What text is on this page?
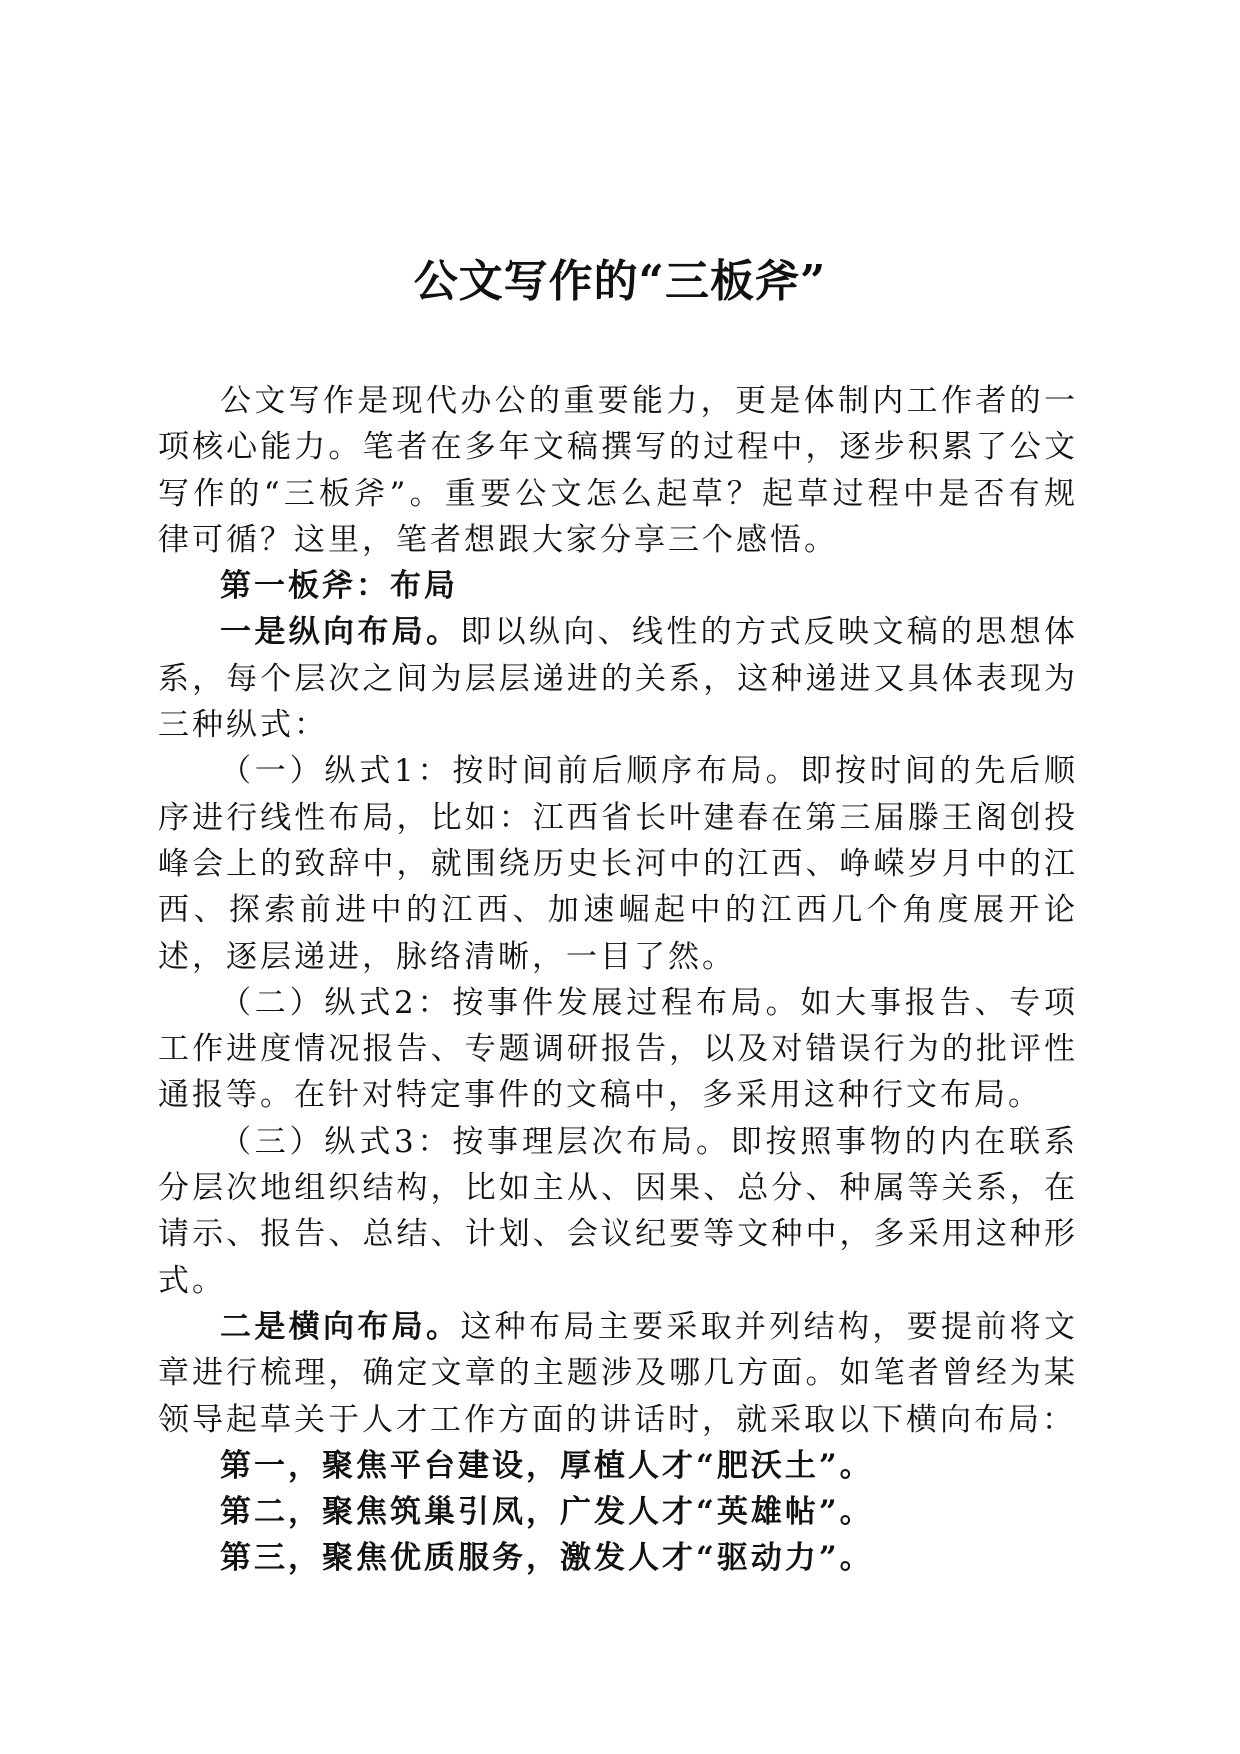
公文写作的“三板斧”

公文写作是现代办公的重要能力，更是体制内工作者的一项核心能力。笔者在多年文稿撰写的过程中，逐步积累了公文写作的“三板斧”。重要公文怎么起草？起草过程中是否有规律可循？这里，笔者想跟大家分享三个感悟。

第一板斧：布局

一是纵向布局。即以纵向、线性的方式反映文稿的思想体系，每个层次之间为层层递进的关系，这种递进又具体表现为三种纵式：

（一）纵式1：按时间前后顺序布局。即按时间的先后顺序进行线性布局，比如：江西省长叶建春在第三届滕王阁创投峰会上的致辞中，就围绕历史长河中的江西、峥嵘岁月中的江西、探索前进中的江西、加速崛起中的江西几个角度展开论述，逐层递进，脉络清晰，一目了然。

（二）纵式2：按事件发展过程布局。如大事报告、专项工作进度情况报告、专题调研报告，以及对错误行为的批评性通报等。在针对特定事件的文稿中，多采用这种行文布局。

（三）纵式3：按事理层次布局。即按照事物的内在联系分层次地组织结构，比如主从、因果、总分、种属等关系，在请示、报告、总结、计划、会议纪要等文种中，多采用这种形式。

二是横向布局。这种布局主要采取并列结构，要提前将文章进行梳理，确定文章的主题涉及哪几方面。如笔者曾经为某领导起草关于人才工作方面的讲话时，就采取以下横向布局：

第一，聚焦平台建设，厚植人才“肥沃土”。

第二，聚焦筑巢引凤，广发人才“英雄帖”。

第三，聚焦优质服务，激发人才“驱动力”。
